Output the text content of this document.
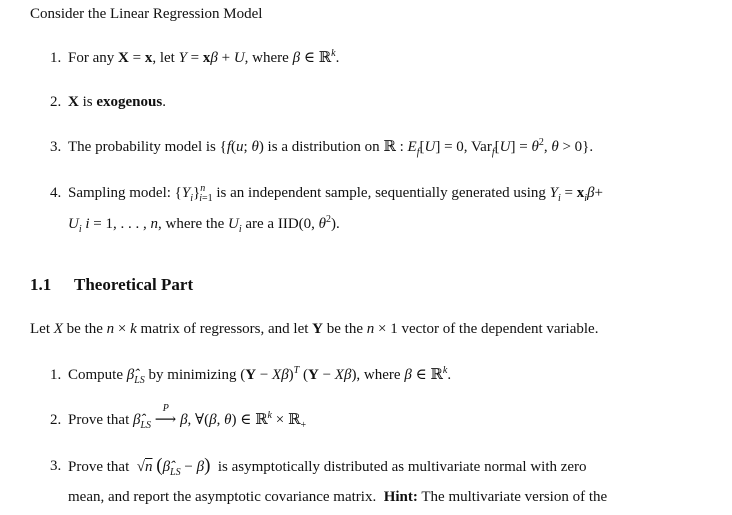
Consider the Linear Regression Model
1. For any X = x, let Y = xβ + U, where β ∈ ℝ$^k$.
2. X is exogenous.
3. The probability model is {f(u; θ) is a distribution on ℝ : $E_f[U] = 0$, $Var_f[U] = \theta^2$, θ > 0}.
4. Sampling model: $\{Y_i\}^n_{i=1}$ is an independent sample, sequentially generated using $Y_i = x_i\beta+$
$U_i$ i = 1, . . . , n, where the $U_i$ are a IID(0, $\theta^2$).
1.1 Theoretical Part
Let X be the n × k matrix of regressors, and let Y be the n × 1 vector of the dependent variable.
1. Compute $\betâ_{LS}$ by minimizing $(Y - X\beta)^T$ (Y − Xβ), where β ∈ ℝ$^k$.
2. Prove that $\betâ_{LS}$
P
⟶ β, ∀(β, θ) ∈ ℝ$^k$ × ℝ$_+$
3. Prove that  √n $(\betâ_{LS} - \beta)$  is asymptotically distributed as multivariate normal with zero
mean, and report the asymptotic covariance matrix.  Hint: The multivariate version of the
